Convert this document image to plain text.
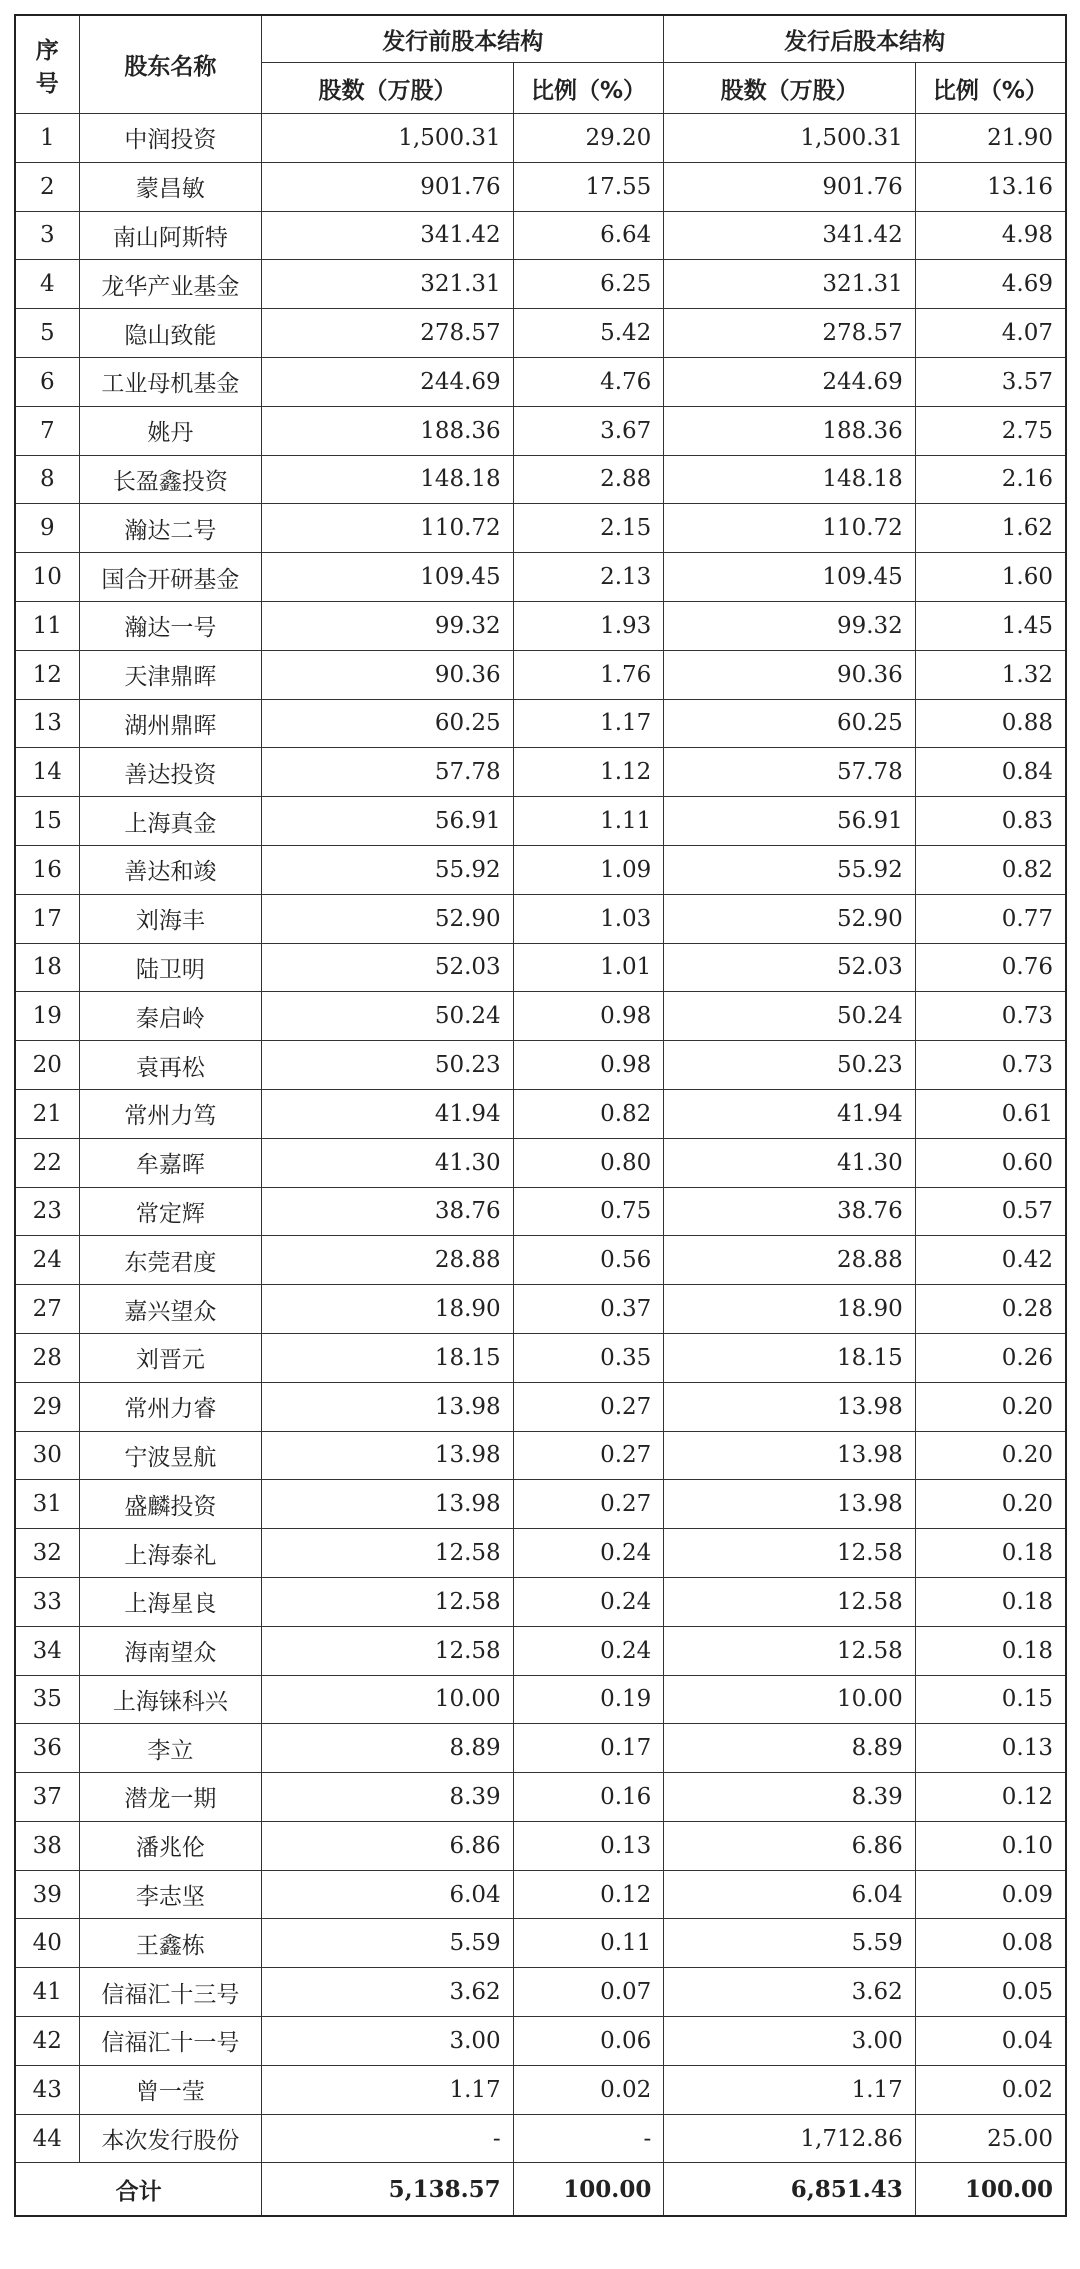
序号	股东名称	发行前股本结构		发行后股本结构	
		股数（万股）	比例（%）	股数（万股）	比例（%）
1	中润投资	1,500.31	29.20	1,500.31	21.90
2	蒙昌敏	901.76	17.55	901.76	13.16
3	南山阿斯特	341.42	6.64	341.42	4.98
4	龙华产业基金	321.31	6.25	321.31	4.69
5	隐山致能	278.57	5.42	278.57	4.07
6	工业母机基金	244.69	4.76	244.69	3.57
7	姚丹	188.36	3.67	188.36	2.75
8	长盈鑫投资	148.18	2.88	148.18	2.16
9	瀚达二号	110.72	2.15	110.72	1.62
10	国合开研基金	109.45	2.13	109.45	1.60
11	瀚达一号	99.32	1.93	99.32	1.45
12	天津鼎晖	90.36	1.76	90.36	1.32
13	湖州鼎晖	60.25	1.17	60.25	0.88
14	善达投资	57.78	1.12	57.78	0.84
15	上海真金	56.91	1.11	56.91	0.83
16	善达和竣	55.92	1.09	55.92	0.82
17	刘海丰	52.90	1.03	52.90	0.77
18	陆卫明	52.03	1.01	52.03	0.76
19	秦启岭	50.24	0.98	50.24	0.73
20	袁再松	50.23	0.98	50.23	0.73
21	常州力笃	41.94	0.82	41.94	0.61
22	牟嘉晖	41.30	0.80	41.30	0.60
23	常定辉	38.76	0.75	38.76	0.57
24	东莞君度	28.88	0.56	28.88	0.42
27	嘉兴望众	18.90	0.37	18.90	0.28
28	刘晋元	18.15	0.35	18.15	0.26
29	常州力睿	13.98	0.27	13.98	0.20
30	宁波昱航	13.98	0.27	13.98	0.20
31	盛麟投资	13.98	0.27	13.98	0.20
32	上海泰礼	12.58	0.24	12.58	0.18
33	上海星良	12.58	0.24	12.58	0.18
34	海南望众	12.58	0.24	12.58	0.18
35	上海铼科兴	10.00	0.19	10.00	0.15
36	李立	8.89	0.17	8.89	0.13
37	潜龙一期	8.39	0.16	8.39	0.12
38	潘兆伦	6.86	0.13	6.86	0.10
39	李志坚	6.04	0.12	6.04	0.09
40	王鑫栋	5.59	0.11	5.59	0.08
41	信福汇十三号	3.62	0.07	3.62	0.05
42	信福汇十一号	3.00	0.06	3.00	0.04
43	曾一莹	1.17	0.02	1.17	0.02
44	本次发行股份	-	-	1,712.86	25.00
合计		5,138.57	100.00	6,851.43	100.00
